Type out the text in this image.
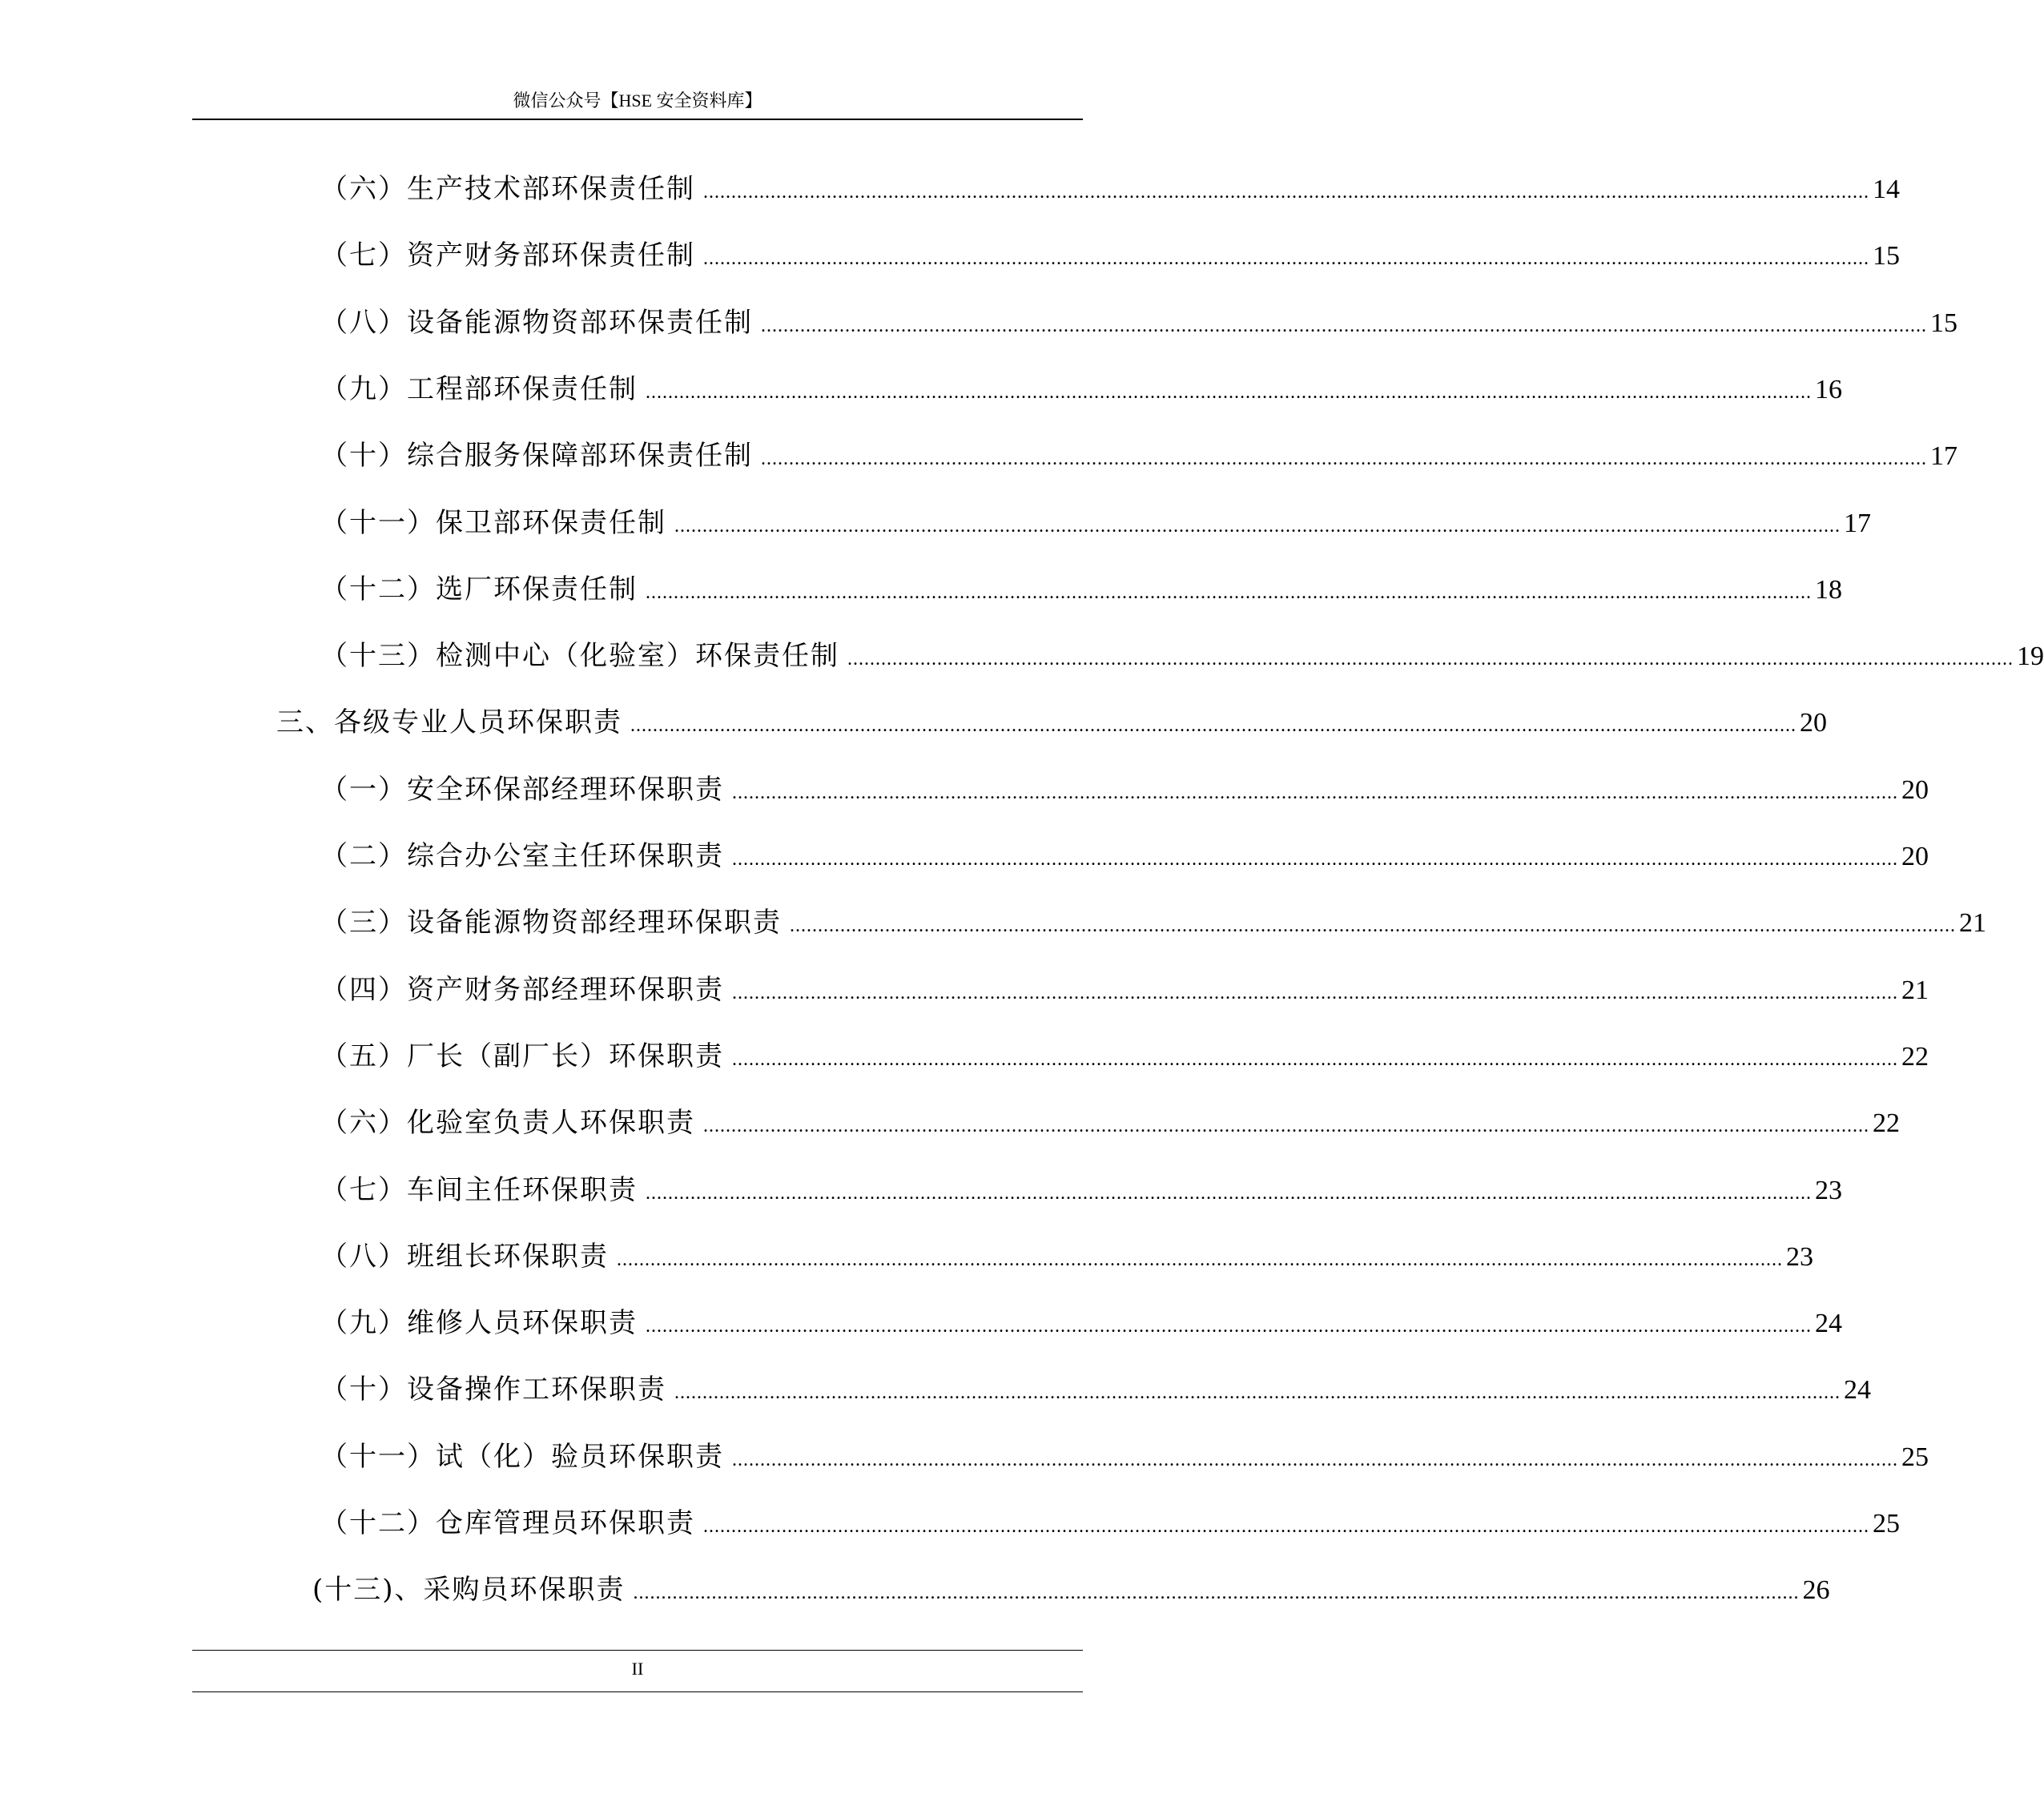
微信公众号【HSE 安全资料库】
（六）生产技术部环保责任制 ................................................................................................................................................................................................................ 14
（七）资产财务部环保责任制 ................................................................................................................................................................................................................ 15
（八）设备能源物资部环保责任制 ................................................................................................................................................................................................................ 15
（九）工程部环保责任制 ................................................................................................................................................................................................................ 16
（十）综合服务保障部环保责任制 ................................................................................................................................................................................................................ 17
（十一）保卫部环保责任制 ................................................................................................................................................................................................................ 17
（十二）选厂环保责任制 ................................................................................................................................................................................................................ 18
（十三）检测中心（化验室）环保责任制 ................................................................................................................................................................................................................ 19
三、各级专业人员环保职责 ................................................................................................................................................................................................................ 20
（一）安全环保部经理环保职责 ................................................................................................................................................................................................................ 20
（二）综合办公室主任环保职责 ................................................................................................................................................................................................................ 20
（三）设备能源物资部经理环保职责 ................................................................................................................................................................................................................ 21
（四）资产财务部经理环保职责 ................................................................................................................................................................................................................ 21
（五）厂长（副厂长）环保职责 ................................................................................................................................................................................................................ 22
（六）化验室负责人环保职责 ................................................................................................................................................................................................................ 22
（七）车间主任环保职责 ................................................................................................................................................................................................................ 23
（八）班组长环保职责 ................................................................................................................................................................................................................ 23
（九）维修人员环保职责 ................................................................................................................................................................................................................ 24
（十）设备操作工环保职责 ................................................................................................................................................................................................................ 24
（十一）试（化）验员环保职责 ................................................................................................................................................................................................................ 25
（十二）仓库管理员环保职责 ................................................................................................................................................................................................................ 25
(十三)、采购员环保职责 ................................................................................................................................................................................................................ 26
II
